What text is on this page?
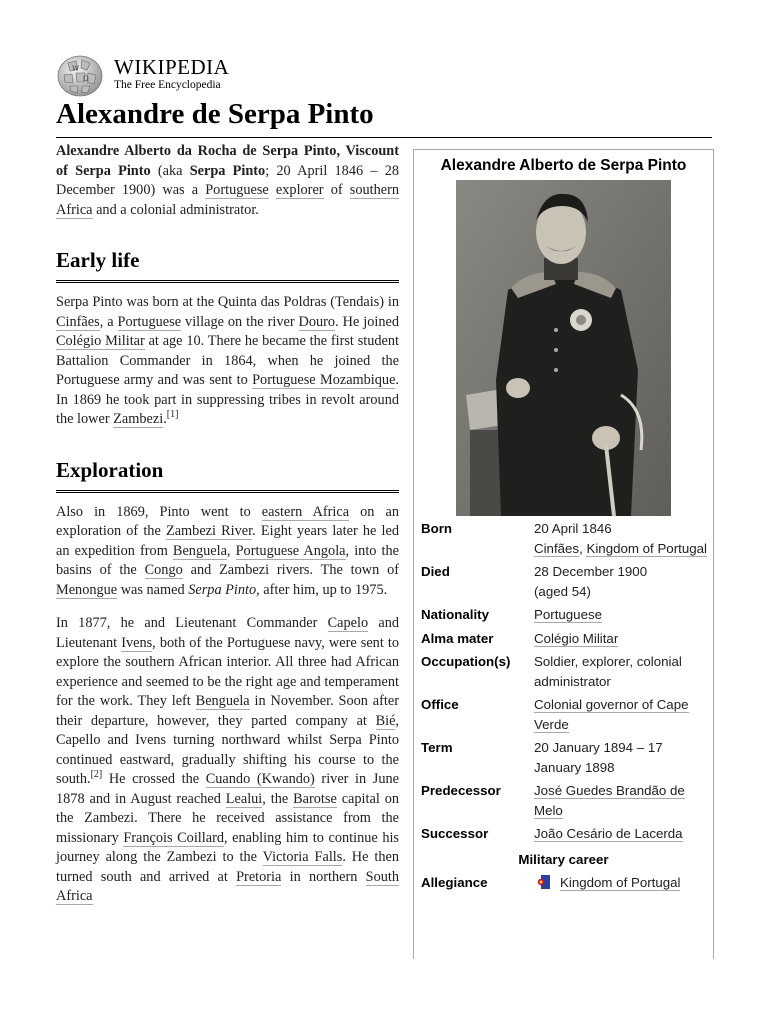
W
Ω WIKIPEDIA
The Free Encyclopedia
Alexandre de Serpa Pinto

Alexandre Alberto da Rocha de Serpa Pinto, Viscount of Serpa Pinto (aka Serpa Pinto; 20 April 1846 – 28 December 1900) was a Portuguese explorer of southern Africa and a colonial administrator.

Early life

Serpa Pinto was born at the Quinta das Poldras (Tendais) in Cinfães, a Portuguese village on the river Douro. He joined Colégio Militar at age 10. There he became the first student Battalion Commander in 1864, when he joined the Portuguese army and was sent to Portuguese Mozambique. In 1869 he took part in suppressing tribes in revolt around the lower Zambezi.[1]

Exploration

Also in 1869, Pinto went to eastern Africa on an exploration of the Zambezi River. Eight years later he led an expedition from Benguela, Portuguese Angola, into the basins of the Congo and Zambezi rivers. The town of Menongue was named Serpa Pinto, after him, up to 1975.

In 1877, he and Lieutenant Commander Capelo and Lieutenant Ivens, both of the Portuguese navy, were sent to explore the southern African interior. All three had African experience and seemed to be the right age and temperament for the work. They left Benguela in November. Soon after their departure, however, they parted company at Bié, Capello and Ivens turning northward whilst Serpa Pinto continued eastward, gradually shifting his course to the south.[2] He crossed the Cuando (Kwando) river in June 1878 and in August reached Lealui, the Barotse capital on the Zambezi. There he received assistance from the missionary François Coillard, enabling him to continue his journey along the Zambezi to the Victoria Falls. He then turned south and arrived at Pretoria in northern South Africa

Alexandre Alberto de Serpa Pinto
Born	20 April 1846
Cinfães, Kingdom of Portugal
Died	28 December 1900
(aged 54)
Nationality	Portuguese
Alma mater	Colégio Militar
Occupation(s)	Soldier, explorer, colonial administrator
Office	Colonial governor of Cape Verde
Term	20 January 1894 – 17 January 1898
Predecessor	José Guedes Brandão de Melo
Successor	João Cesário de Lacerda
Military career
Allegiance	Kingdom of Portugal
